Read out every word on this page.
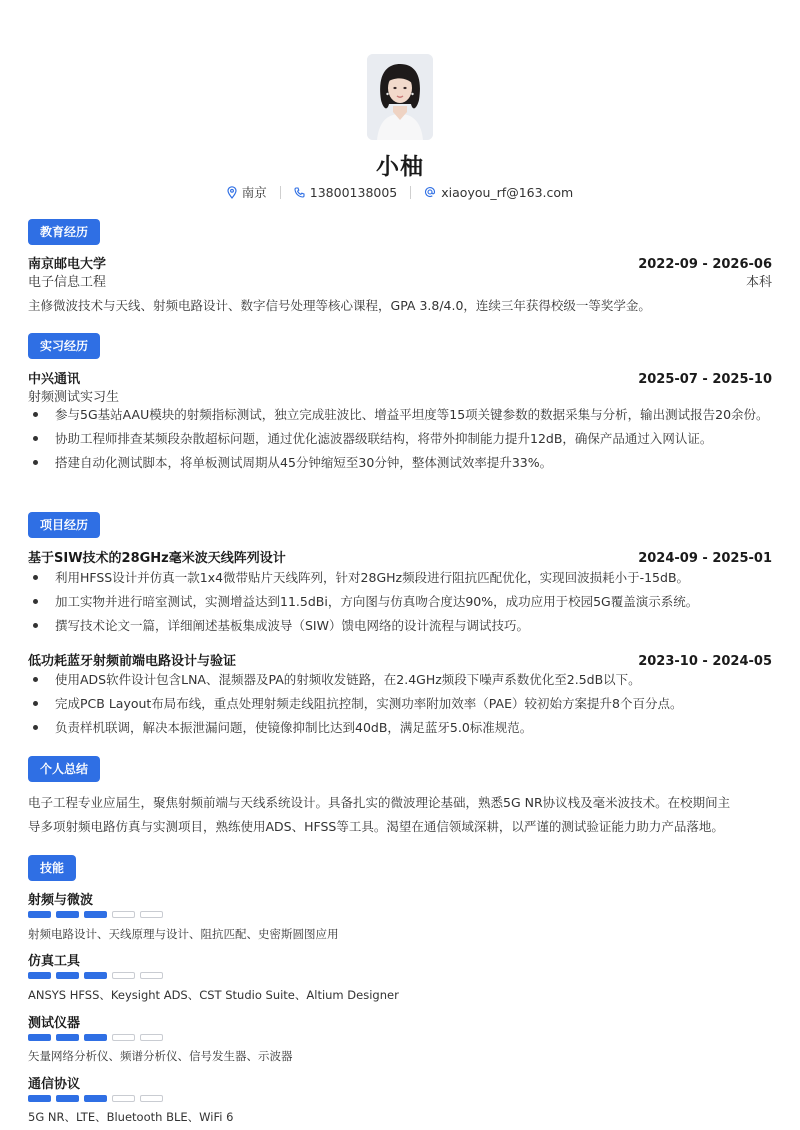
小柚
南京	13800138005	xiaoyou_rf@163.com
教育经历
南京邮电大学	2022-09 - 2026-06
电子信息工程	本科
主修微波技术与天线、射频电路设计、数字信号处理等核心课程，GPA 3.8/4.0，连续三年获得校级一等奖学金。
实习经历
中兴通讯	2025-07 - 2025-10
射频测试实习生
参与5G基站AAU模块的射频指标测试，独立完成驻波比、增益平坦度等15项关键参数的数据采集与分析，输出测试报告20余份。
协助工程师排查某频段杂散超标问题，通过优化滤波器级联结构，将带外抑制能力提升12dB，确保产品通过入网认证。
搭建自动化测试脚本，将单板测试周期从45分钟缩短至30分钟，整体测试效率提升33%。
项目经历
基于SIW技术的28GHz毫米波天线阵列设计	2024-09 - 2025-01
利用HFSS设计并仿真一款1x4微带贴片天线阵列，针对28GHz频段进行阻抗匹配优化，实现回波损耗小于-15dB。
加工实物并进行暗室测试，实测增益达到11.5dBi，方向图与仿真吻合度达90%，成功应用于校园5G覆盖演示系统。
撰写技术论文一篇，详细阐述基板集成波导（SIW）馈电网络的设计流程与调试技巧。
低功耗蓝牙射频前端电路设计与验证	2023-10 - 2024-05
使用ADS软件设计包含LNA、混频器及PA的射频收发链路，在2.4GHz频段下噪声系数优化至2.5dB以下。
完成PCB Layout布局布线，重点处理射频走线阻抗控制，实测功率附加效率（PAE）较初始方案提升8个百分点。
负责样机联调，解决本振泄漏问题，使镜像抑制比达到40dB，满足蓝牙5.0标准规范。
个人总结
电子工程专业应届生，聚焦射频前端与天线系统设计。具备扎实的微波理论基础，熟悉5G NR协议栈及毫米波技术。在校期间主
导多项射频电路仿真与实测项目，熟练使用ADS、HFSS等工具。渴望在通信领域深耕，以严谨的测试验证能力助力产品落地。
技能
射频与微波
射频电路设计、天线原理与设计、阻抗匹配、史密斯圆图应用
仿真工具
ANSYS HFSS、Keysight ADS、CST Studio Suite、Altium Designer
测试仪器
矢量网络分析仪、频谱分析仪、信号发生器、示波器
通信协议
5G NR、LTE、Bluetooth BLE、WiFi 6
